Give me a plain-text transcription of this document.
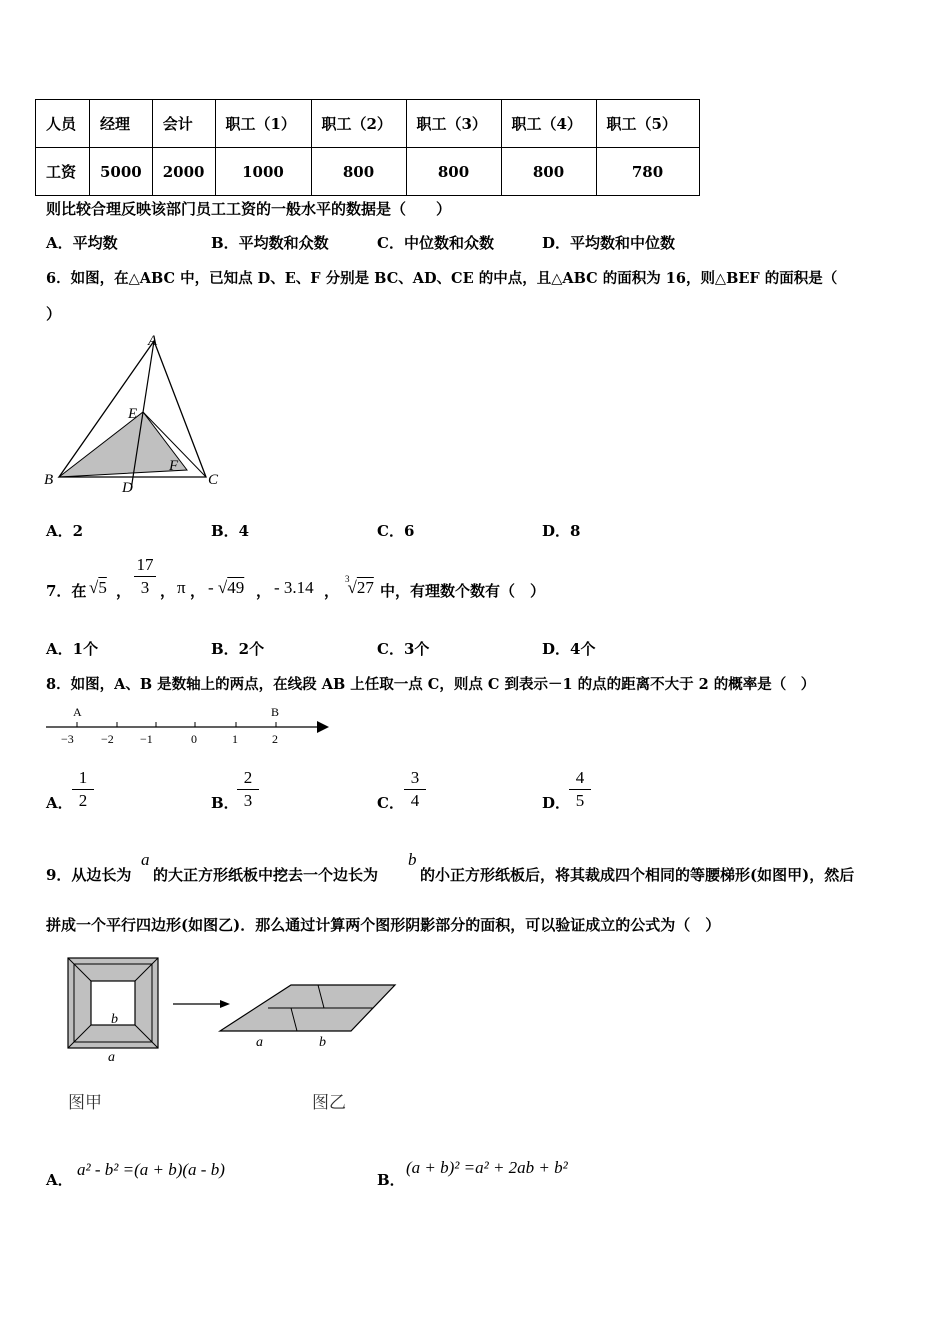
人员	经理	会计	职工（1）	职工（2）	职工（3）	职工（4）	职工（5）
工资	5000	2000	1000	800	800	800	780
则比较合理反映该部门员工工资的一般水平的数据是（　　）
A．平均数	B．平均数和众数	C．中位数和众数	D．平均数和中位数
6．如图，在△ABC 中，已知点 D、E、F 分别是 BC、AD、CE 的中点，且△ABC 的面积为 16，则△BEF 的面积是（
）
A
B	C
D
E
F
A．2	B．4	C．6	D．8
7．在 √5 ，
17
3 ， π ， - √49 ， - 3.14 ，
$^3$√27 中，有理数个数有（　）
A．1个	B．2个	C．3个	D．4个
8．如图，A、B 是数轴上的两点，在线段 AB 上任取一点 C，则点 C 到表示－1 的点的距离不大于 2 的概率是（　）
−3 −2 −1	0	1	2
A	B
A．
1
2	B．
2
3	C．
3
4	D．
4
5
9．从边长为
a
的大正方形纸板中挖去一个边长为
b
的小正方形纸板后，将其裁成四个相同的等腰梯形(如图甲)，然后
拼成一个平行四边形(如图乙)．那么通过计算两个图形阴影部分的面积，可以验证成立的公式为（　）
b
a
a	b
图甲	图乙
A．
a² - b² =(a + b)(a - b)
B．
(a + b)² =a² + 2ab + b²
